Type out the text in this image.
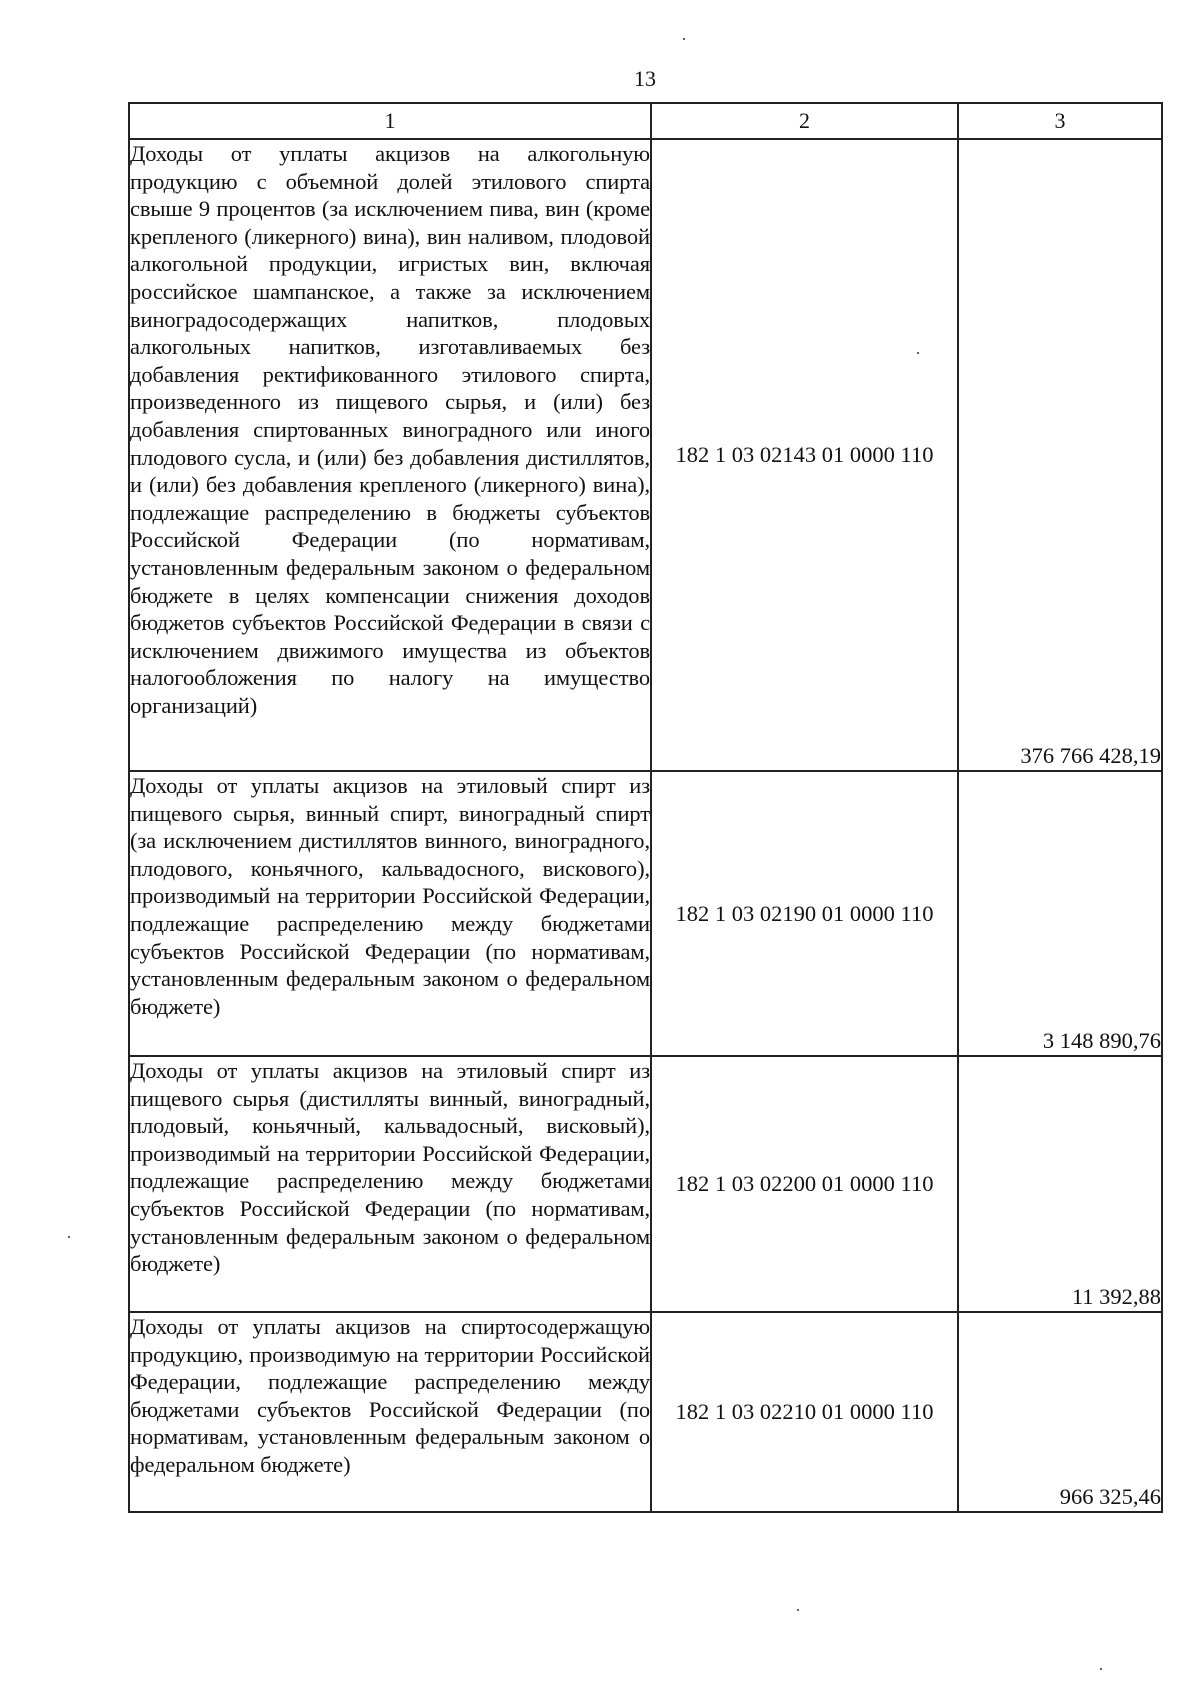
13
1	2	3
Доходы от уплаты акцизов на алкогольную продукцию с объемной долей этилового спирта свыше 9 процентов (за исключением пива, вин (кроме крепленого (ликерного) вина), вин наливом, плодовой алкогольной продукции, игристых вин, включая российское шампанское, а также за исключением виноградосодержащих напитков, плодовых алкогольных напитков, изготавливаемых без добавления ректификованного этилового спирта, произведенного из пищевого сырья, и (или) без добавления спиртованных виноградного или иного плодового сусла, и (или) без добавления дистиллятов, и (или) без добавления крепленого (ликерного) вина), подлежащие распределению в бюджеты субъектов Российской Федерации (по нормативам, установленным федеральным законом о федеральном бюджете в целях компенсации снижения доходов бюджетов субъектов Российской Федерации в связи с исключением движимого имущества из объектов налогообложения по налогу на имущество организаций)	182 1 03 02143 01 0000 110	376 766 428,19
Доходы от уплаты акцизов на этиловый спирт из пищевого сырья, винный спирт, виноградный спирт (за исключением дистиллятов винного, виноградного, плодового, коньячного, кальвадосного, вискового), производимый на территории Российской Федерации, подлежащие распределению между бюджетами субъектов Российской Федерации (по нормативам, установленным федеральным законом о федеральном бюджете)	182 1 03 02190 01 0000 110	3 148 890,76
Доходы от уплаты акцизов на этиловый спирт из пищевого сырья (дистилляты винный, виноградный, плодовый, коньячный, кальвадосный, висковый), производимый на территории Российской Федерации, подлежащие распределению между бюджетами субъектов Российской Федерации (по нормативам, установленным федеральным законом о федеральном бюджете)	182 1 03 02200 01 0000 110	11 392,88
Доходы от уплаты акцизов на спиртосодержащую продукцию, производимую на территории Российской Федерации, подлежащие распределению между бюджетами субъектов Российской Федерации (по нормативам, установленным федеральным законом о федеральном бюджете)	182 1 03 02210 01 0000 110	966 325,46
